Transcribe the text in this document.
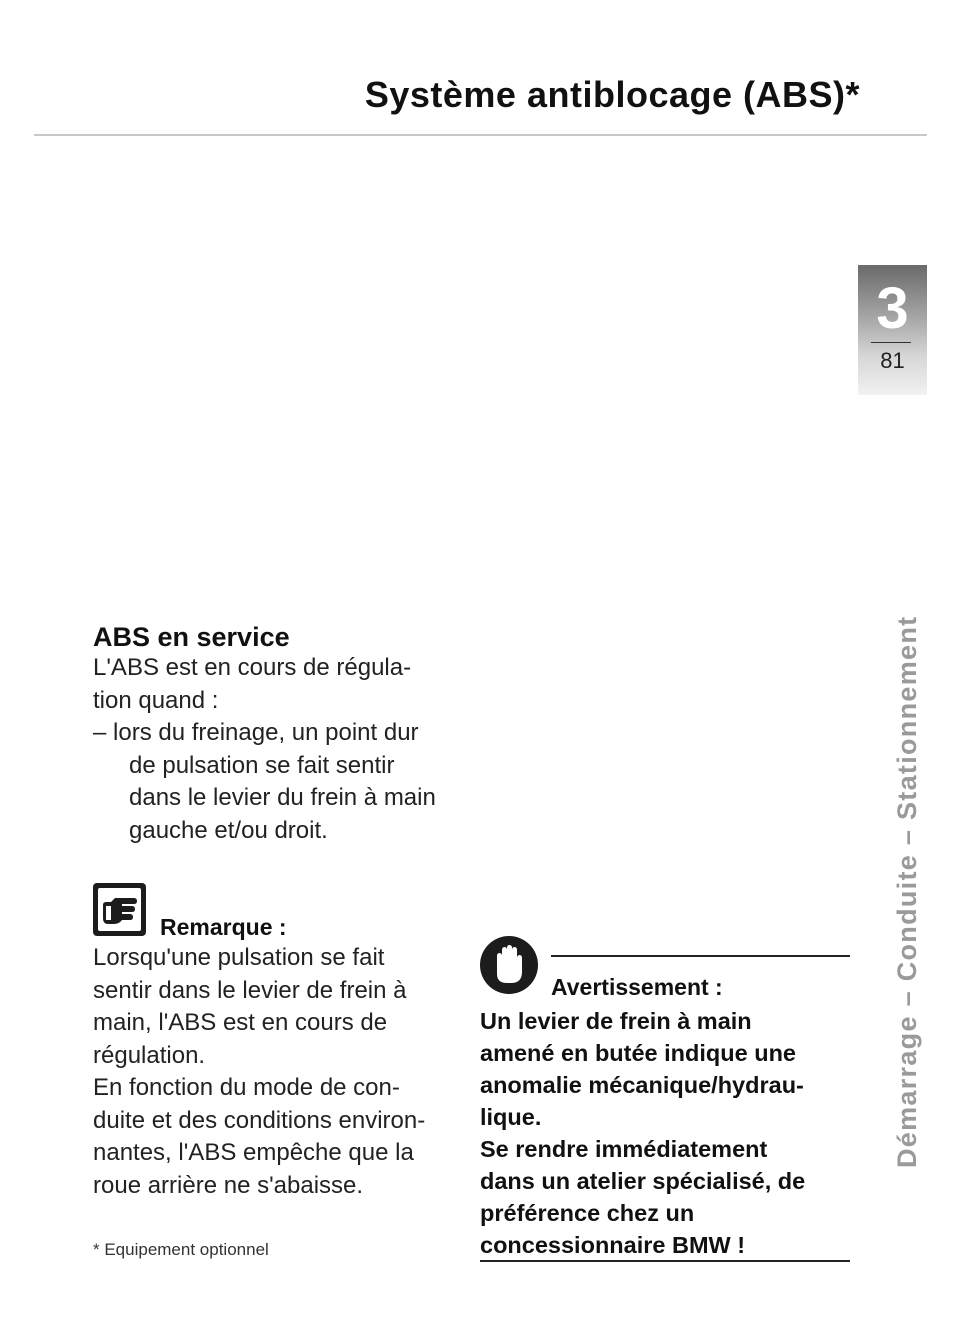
Système antiblocage (ABS)*
3
81
Démarrage – Conduite – Stationnement
ABS en service
L'ABS est en cours de régula-
tion quand :
– lors du freinage, un point dur
de pulsation se fait sentir
dans le levier du frein à main
gauche et/ou droit.
Remarque :
Lorsqu'une pulsation se fait
sentir dans le levier de frein à
main, l'ABS est en cours de
régulation.
En fonction du mode de con-
duite et des conditions environ-
nantes, l'ABS empêche que la
roue arrière ne s'abaisse.
* Equipement optionnel
Avertissement :
Un levier de frein à main
amené en butée indique une
anomalie mécanique/hydrau-
lique.
Se rendre immédiatement
dans un atelier spécialisé, de
préférence chez un
concessionnaire BMW !
